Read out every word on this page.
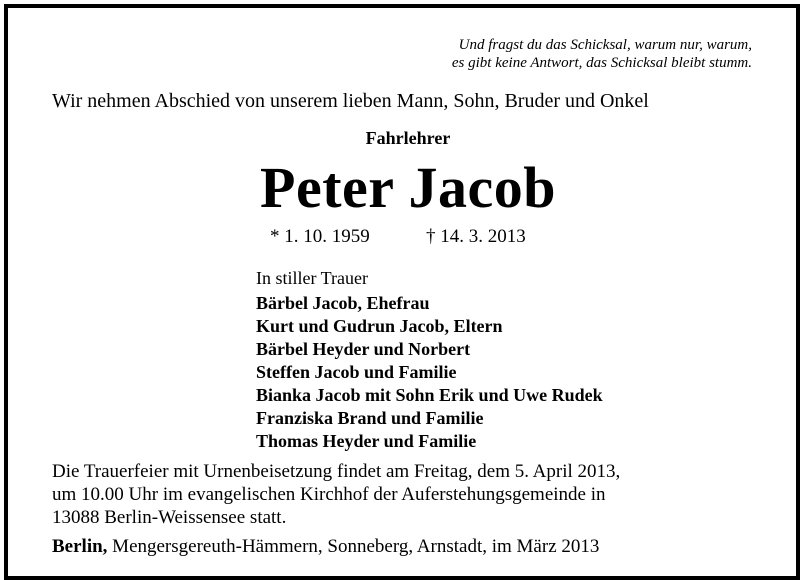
Und fragst du das Schicksal, warum nur, warum,
es gibt keine Antwort, das Schicksal bleibt stumm.
Wir nehmen Abschied von unserem lieben Mann, Sohn, Bruder und Onkel
Fahrlehrer
Peter Jacob
* 1. 10. 1959	† 14. 3. 2013
In stiller Trauer
Bärbel Jacob, Ehefrau
Kurt und Gudrun Jacob, Eltern
Bärbel Heyder und Norbert
Steffen Jacob und Familie
Bianka Jacob mit Sohn Erik und Uwe Rudek
Franziska Brand und Familie
Thomas Heyder und Familie
Die Trauerfeier mit Urnenbeisetzung findet am Freitag, dem 5. April 2013,
um 10.00 Uhr im evangelischen Kirchhof der Auferstehungsgemeinde in
13088 Berlin-Weissensee statt.
Berlin, Mengersgereuth-Hämmern, Sonneberg, Arnstadt, im März 2013
